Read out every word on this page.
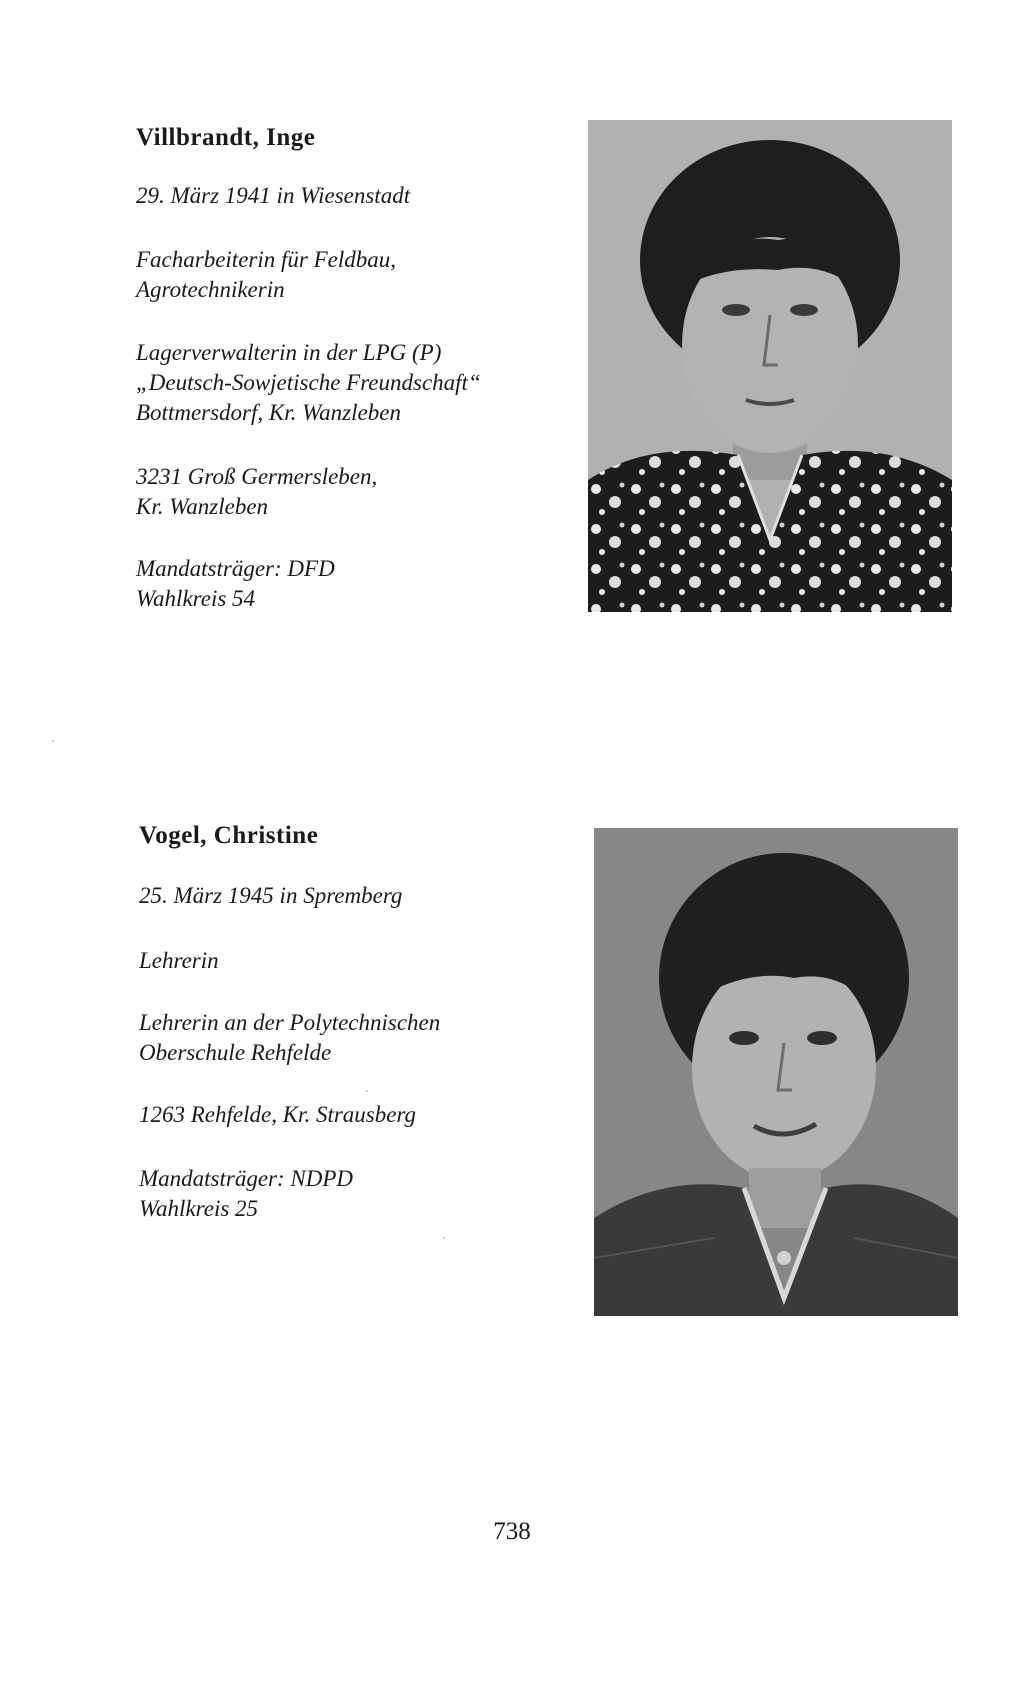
Villbrandt, Inge
29. März 1941 in Wiesenstadt
Facharbeiterin für Feldbau,
Agrotechnikerin
Lagerverwalterin in der LPG (P)
„Deutsch-Sowjetische Freundschaft“
Bottmersdorf, Kr. Wanzleben
3231 Groß Germersleben,
Kr. Wanzleben
Mandatsträger: DFD
Wahlkreis 54
Vogel, Christine
25. März 1945 in Spremberg
Lehrerin
Lehrerin an der Polytechnischen
Oberschule Rehfelde
1263 Rehfelde, Kr. Strausberg
Mandatsträger: NDPD
Wahlkreis 25
738
